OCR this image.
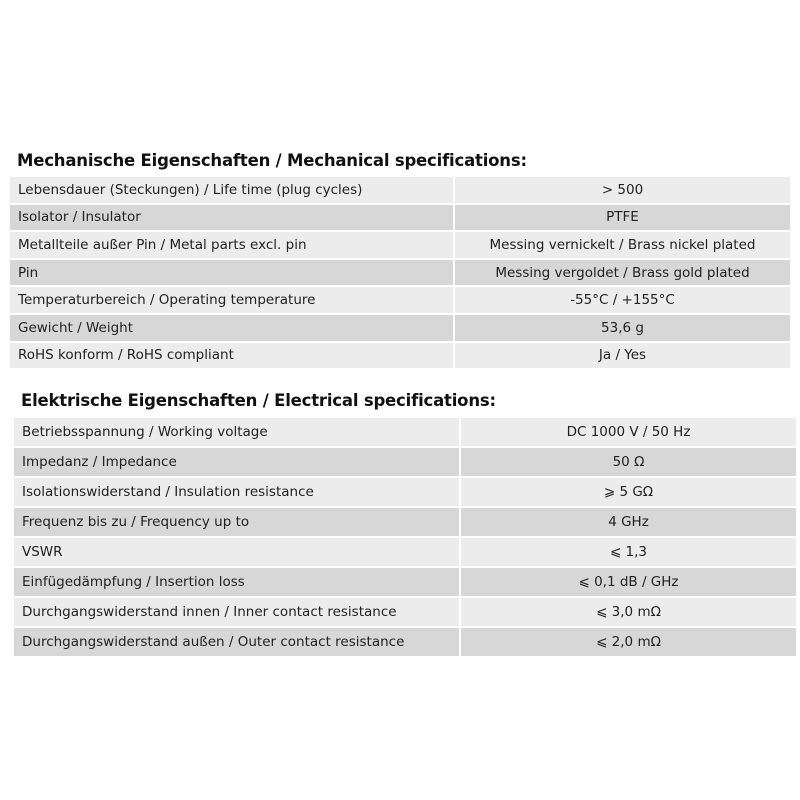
Mechanische Eigenschaften / Mechanical specifications:
Lebensdauer (Steckungen) / Life time (plug cycles)	> 500
Isolator / Insulator	PTFE
Metallteile außer Pin / Metal parts excl. pin	Messing vernickelt / Brass nickel plated
Pin	Messing vergoldet / Brass gold plated
Temperaturbereich / Operating temperature	-55°C / +155°C
Gewicht / Weight	53,6 g
RoHS konform / RoHS compliant	Ja / Yes
Elektrische Eigenschaften / Electrical specifications:
Betriebsspannung / Working voltage	DC 1000 V / 50 Hz
Impedanz / Impedance	50 Ω
Isolationswiderstand / Insulation resistance	⩾ 5 GΩ
Frequenz bis zu / Frequency up to	4 GHz
VSWR	⩽ 1,3
Einfügedämpfung / Insertion loss	⩽ 0,1 dB / GHz
Durchgangswiderstand innen / Inner contact resistance	⩽ 3,0 mΩ
Durchgangswiderstand außen / Outer contact resistance	⩽ 2,0 mΩ
